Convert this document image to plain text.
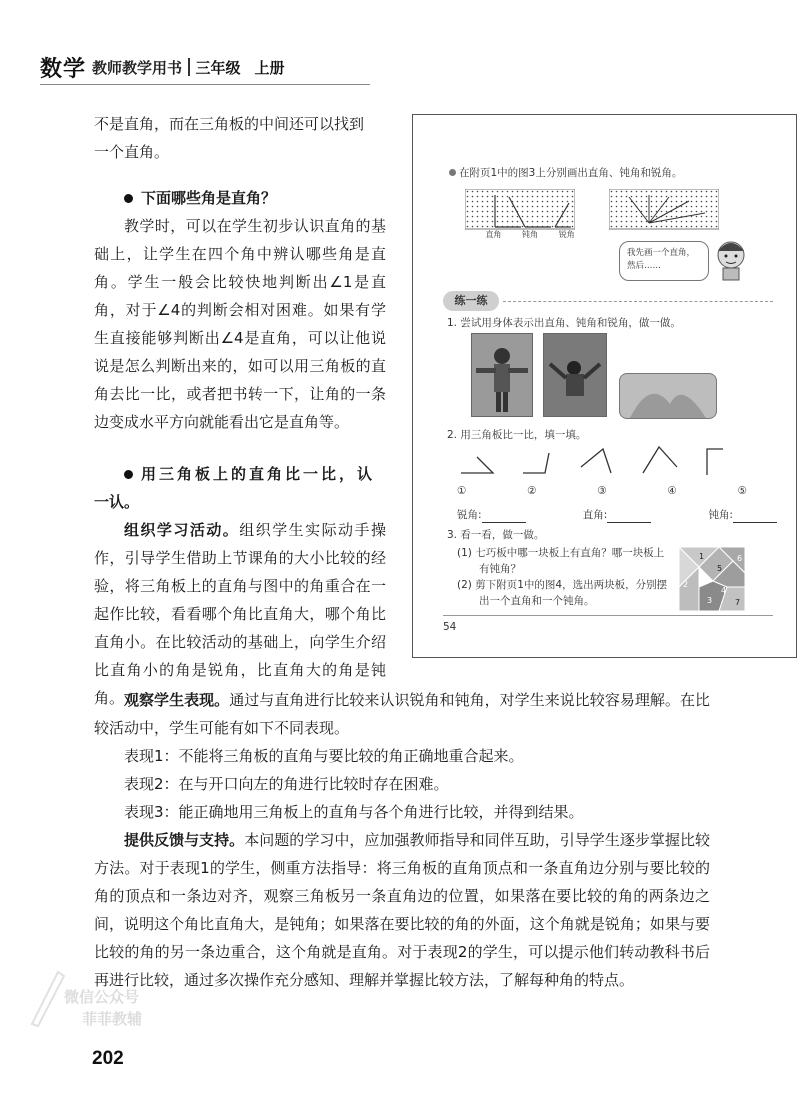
数学 教师教学用书 三年级 上册

不是直角，而在三角板的中间还可以找到

一个直角。

下面哪些角是直角？

教学时，可以在学生初步认识直角的基础上，让学生在四个角中辨认哪些角是直角。学生一般会比较快地判断出∠1是直角，对于∠4的判断会相对困难。如果有学生直接能够判断出∠4是直角，可以让他说说是怎么判断出来的，如可以用三角板的直角去比一比，或者把书转一下，让角的一条边变成水平方向就能看出它是直角等。

用三角板上的直角比一比，认

一认。

组织学习活动。组织学生实际动手操作，引导学生借助上节课角的大小比较的经验，将三角板上的直角与图中的角重合在一起作比较，看看哪个角比直角大，哪个角比直角小。在比较活动的基础上，向学生介绍比直角小的角是锐角，比直角大的角是钝角。

在附页1中的图3上分别画出直角、钝角和锐角。
直角	钝角	锐角
我先画一个直角，然后……
练一练
1. 尝试用身体表示出直角、钝角和锐角，做一做。
2. 用三角板比一比，填一填。
①	②	③	④	⑤
锐角:	直角:	钝角:
3. 看一看，做一做。
(1) 七巧板中哪一块板上有直角？哪一块板上
有钝角？
(2) 剪下附页1中的图4，选出两块板，分别摆
出一个直角和一个钝角。
1
2
3
4
5
6
7
54

观察学生表现。通过与直角进行比较来认识锐角和钝角，对学生来说比较容易理解。在比较活动中，学生可能有如下不同表现。

表现1：不能将三角板的直角与要比较的角正确地重合起来。

表现2：在与开口向左的角进行比较时存在困难。

表现3：能正确地用三角板上的直角与各个角进行比较，并得到结果。

提供反馈与支持。本问题的学习中，应加强教师指导和同伴互助，引导学生逐步掌握比较方法。对于表现1的学生，侧重方法指导：将三角板的直角顶点和一条直角边分别与要比较的角的顶点和一条边对齐，观察三角板另一条直角边的位置，如果落在要比较的角的两条边之间，说明这个角比直角大，是钝角；如果落在要比较的角的外面，这个角就是锐角；如果与要比较的角的另一条边重合，这个角就是直角。对于表现2的学生，可以提示他们转动教科书后再进行比较，通过多次操作充分感知、理解并掌握比较方法，了解每种角的特点。

微信公众号
菲菲教辅
202
